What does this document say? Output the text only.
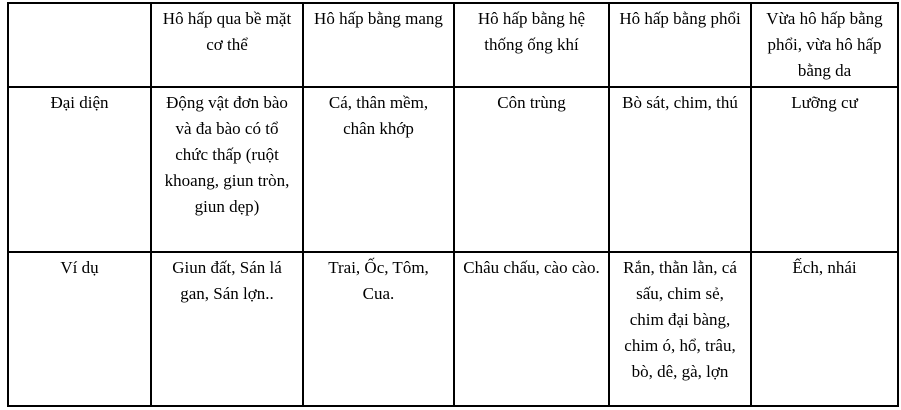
	Hô hấp qua bề mặt cơ thể	Hô hấp bằng mang	Hô hấp bằng hệ thống ống khí	Hô hấp bằng phổi	Vừa hô hấp bằng phổi, vừa hô hấp bằng da
Đại diện	Động vật đơn bào và đa bào có tổ chức thấp (ruột khoang, giun tròn, giun dẹp)	Cá, thân mềm, chân khớp	Côn trùng	Bò sát, chim, thú	Lưỡng cư
Ví dụ	Giun đất, Sán lá gan, Sán lợn..	Trai, Ốc, Tôm, Cua.	Châu chấu, cào cào.	Rắn, thằn lằn, cá sấu, chim sẻ, chim đại bàng, chim ó, hổ, trâu, bò, dê, gà, lợn	Ếch, nhái
